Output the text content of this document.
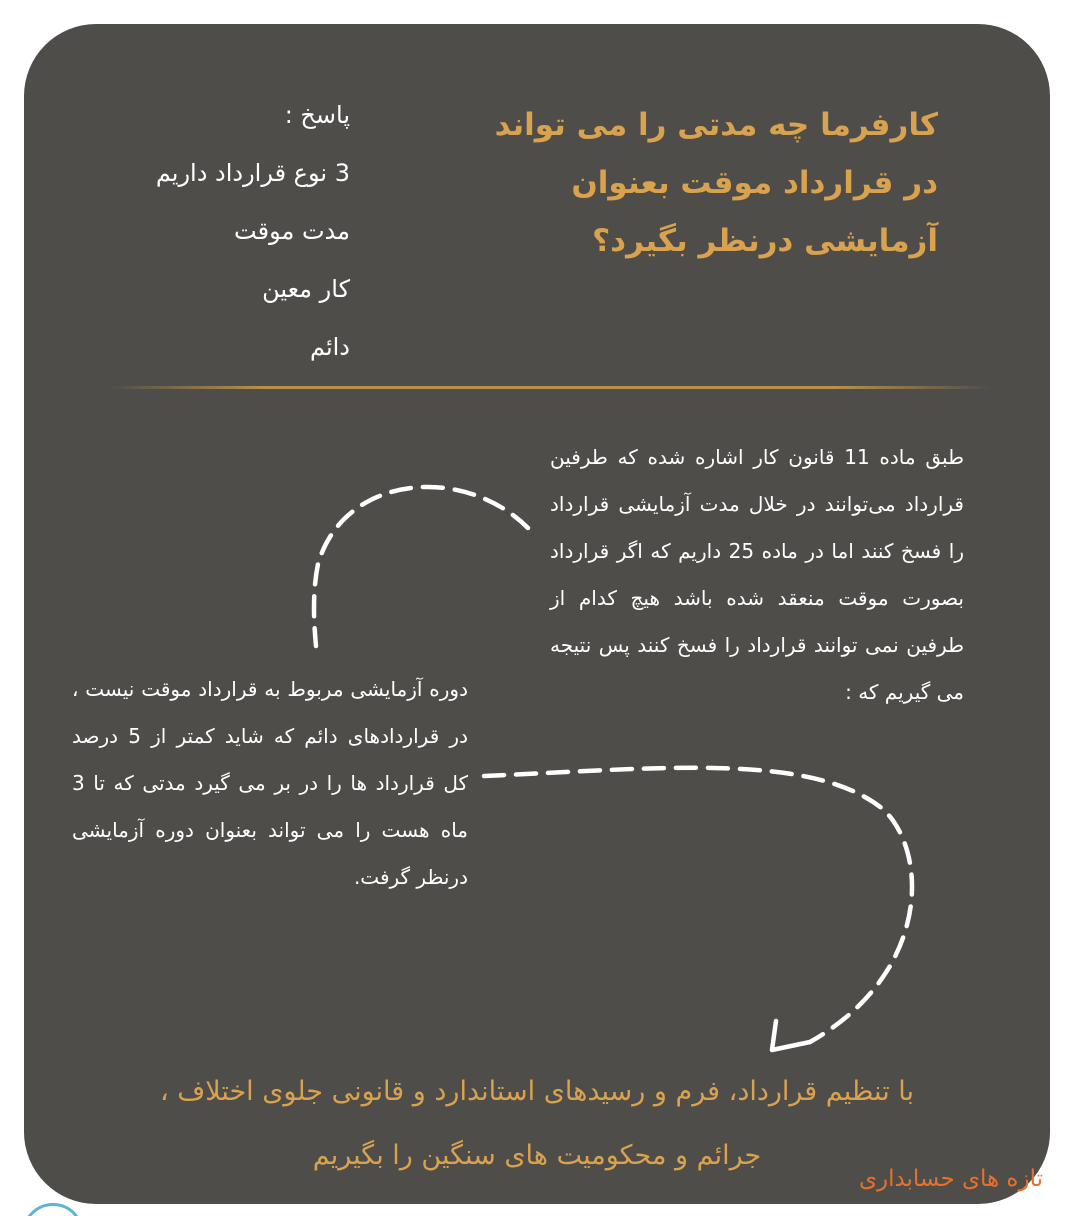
کارفرما چه مدتی را می تواند در قرارداد موقت بعنوان آزمایشی درنظر بگیرد؟
پاسخ :
3 نوع قرارداد داریم
مدت موقت
کار معین
دائم

طبق ماده 11 قانون کار اشاره شده که طرفین قرارداد می‌توانند در خلال مدت آزمایشی قرارداد را فسخ کنند اما در ماده 25 داریم که اگر قرارداد بصورت موقت منعقد شده باشد هیچ کدام از طرفین نمی توانند قرارداد را فسخ کنند پس نتیجه می گیریم که :

دوره آزمایشی مربوط به قرارداد موقت نیست ، در قراردادهای دائم که شاید کمتر از 5 درصد کل قرارداد ها را در بر می گیرد مدتی که تا 3 ماه هست را می تواند بعنوان دوره آزمایشی درنظر گرفت.

با تنظیم قرارداد، فرم و رسیدهای استاندارد و قانونی جلوی اختلاف ،
جرائم و محکومیت های سنگین را بگیریم

تازه های حسابداری
